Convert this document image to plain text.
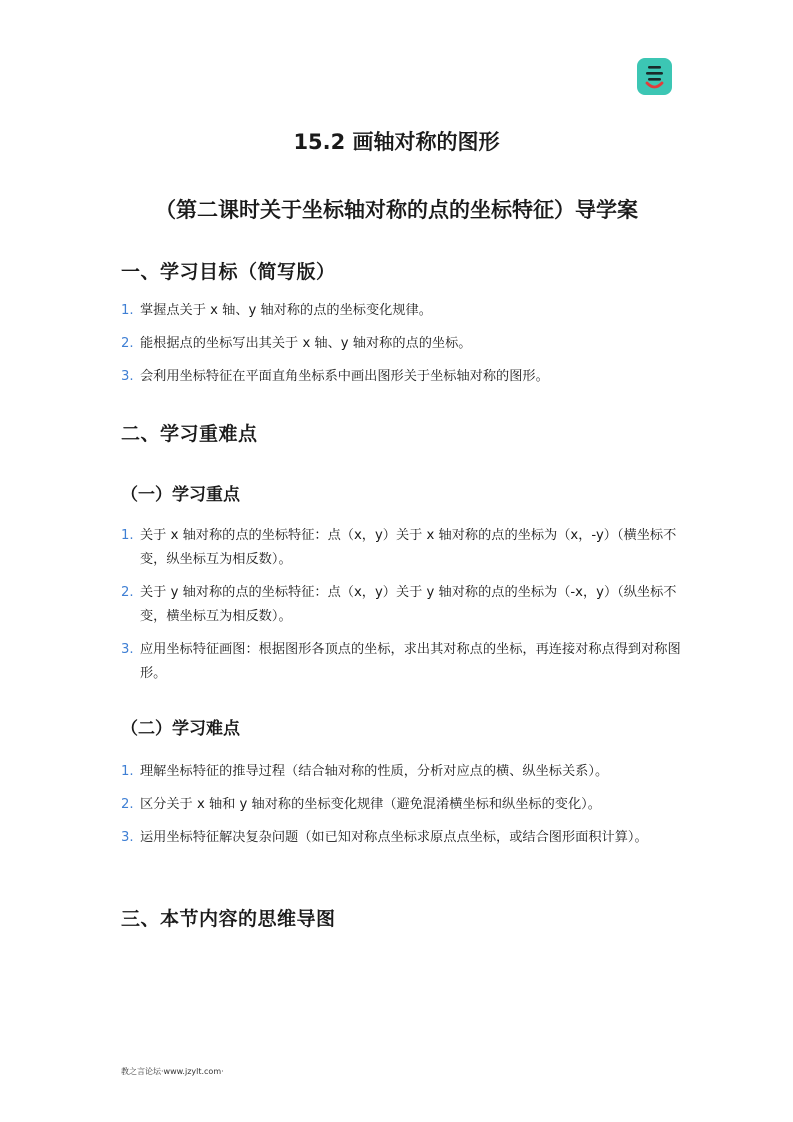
15.2 画轴对称的图形
（第二课时关于坐标轴对称的点的坐标特征）导学案
一、学习目标（简写版）
1. 掌握点关于 x 轴、y 轴对称的点的坐标变化规律。
2. 能根据点的坐标写出其关于 x 轴、y 轴对称的点的坐标。
3. 会利用坐标特征在平面直角坐标系中画出图形关于坐标轴对称的图形。
二、学习重难点
（一）学习重点
1. 关于 x 轴对称的点的坐标特征：点（x，y）关于 x 轴对称的点的坐标为（x，-y）（横坐标不变，纵坐标互为相反数）。
2. 关于 y 轴对称的点的坐标特征：点（x，y）关于 y 轴对称的点的坐标为（-x，y）（纵坐标不变，横坐标互为相反数）。
3. 应用坐标特征画图：根据图形各顶点的坐标，求出其对称点的坐标，再连接对称点得到对称图形。
（二）学习难点
1. 理解坐标特征的推导过程（结合轴对称的性质，分析对应点的横、纵坐标关系）。
2. 区分关于 x 轴和 y 轴对称的坐标变化规律（避免混淆横坐标和纵坐标的变化）。
3. 运用坐标特征解决复杂问题（如已知对称点坐标求原点点坐标，或结合图形面积计算）。
三、本节内容的思维导图
教之言论坛·www.jzylt.com·
